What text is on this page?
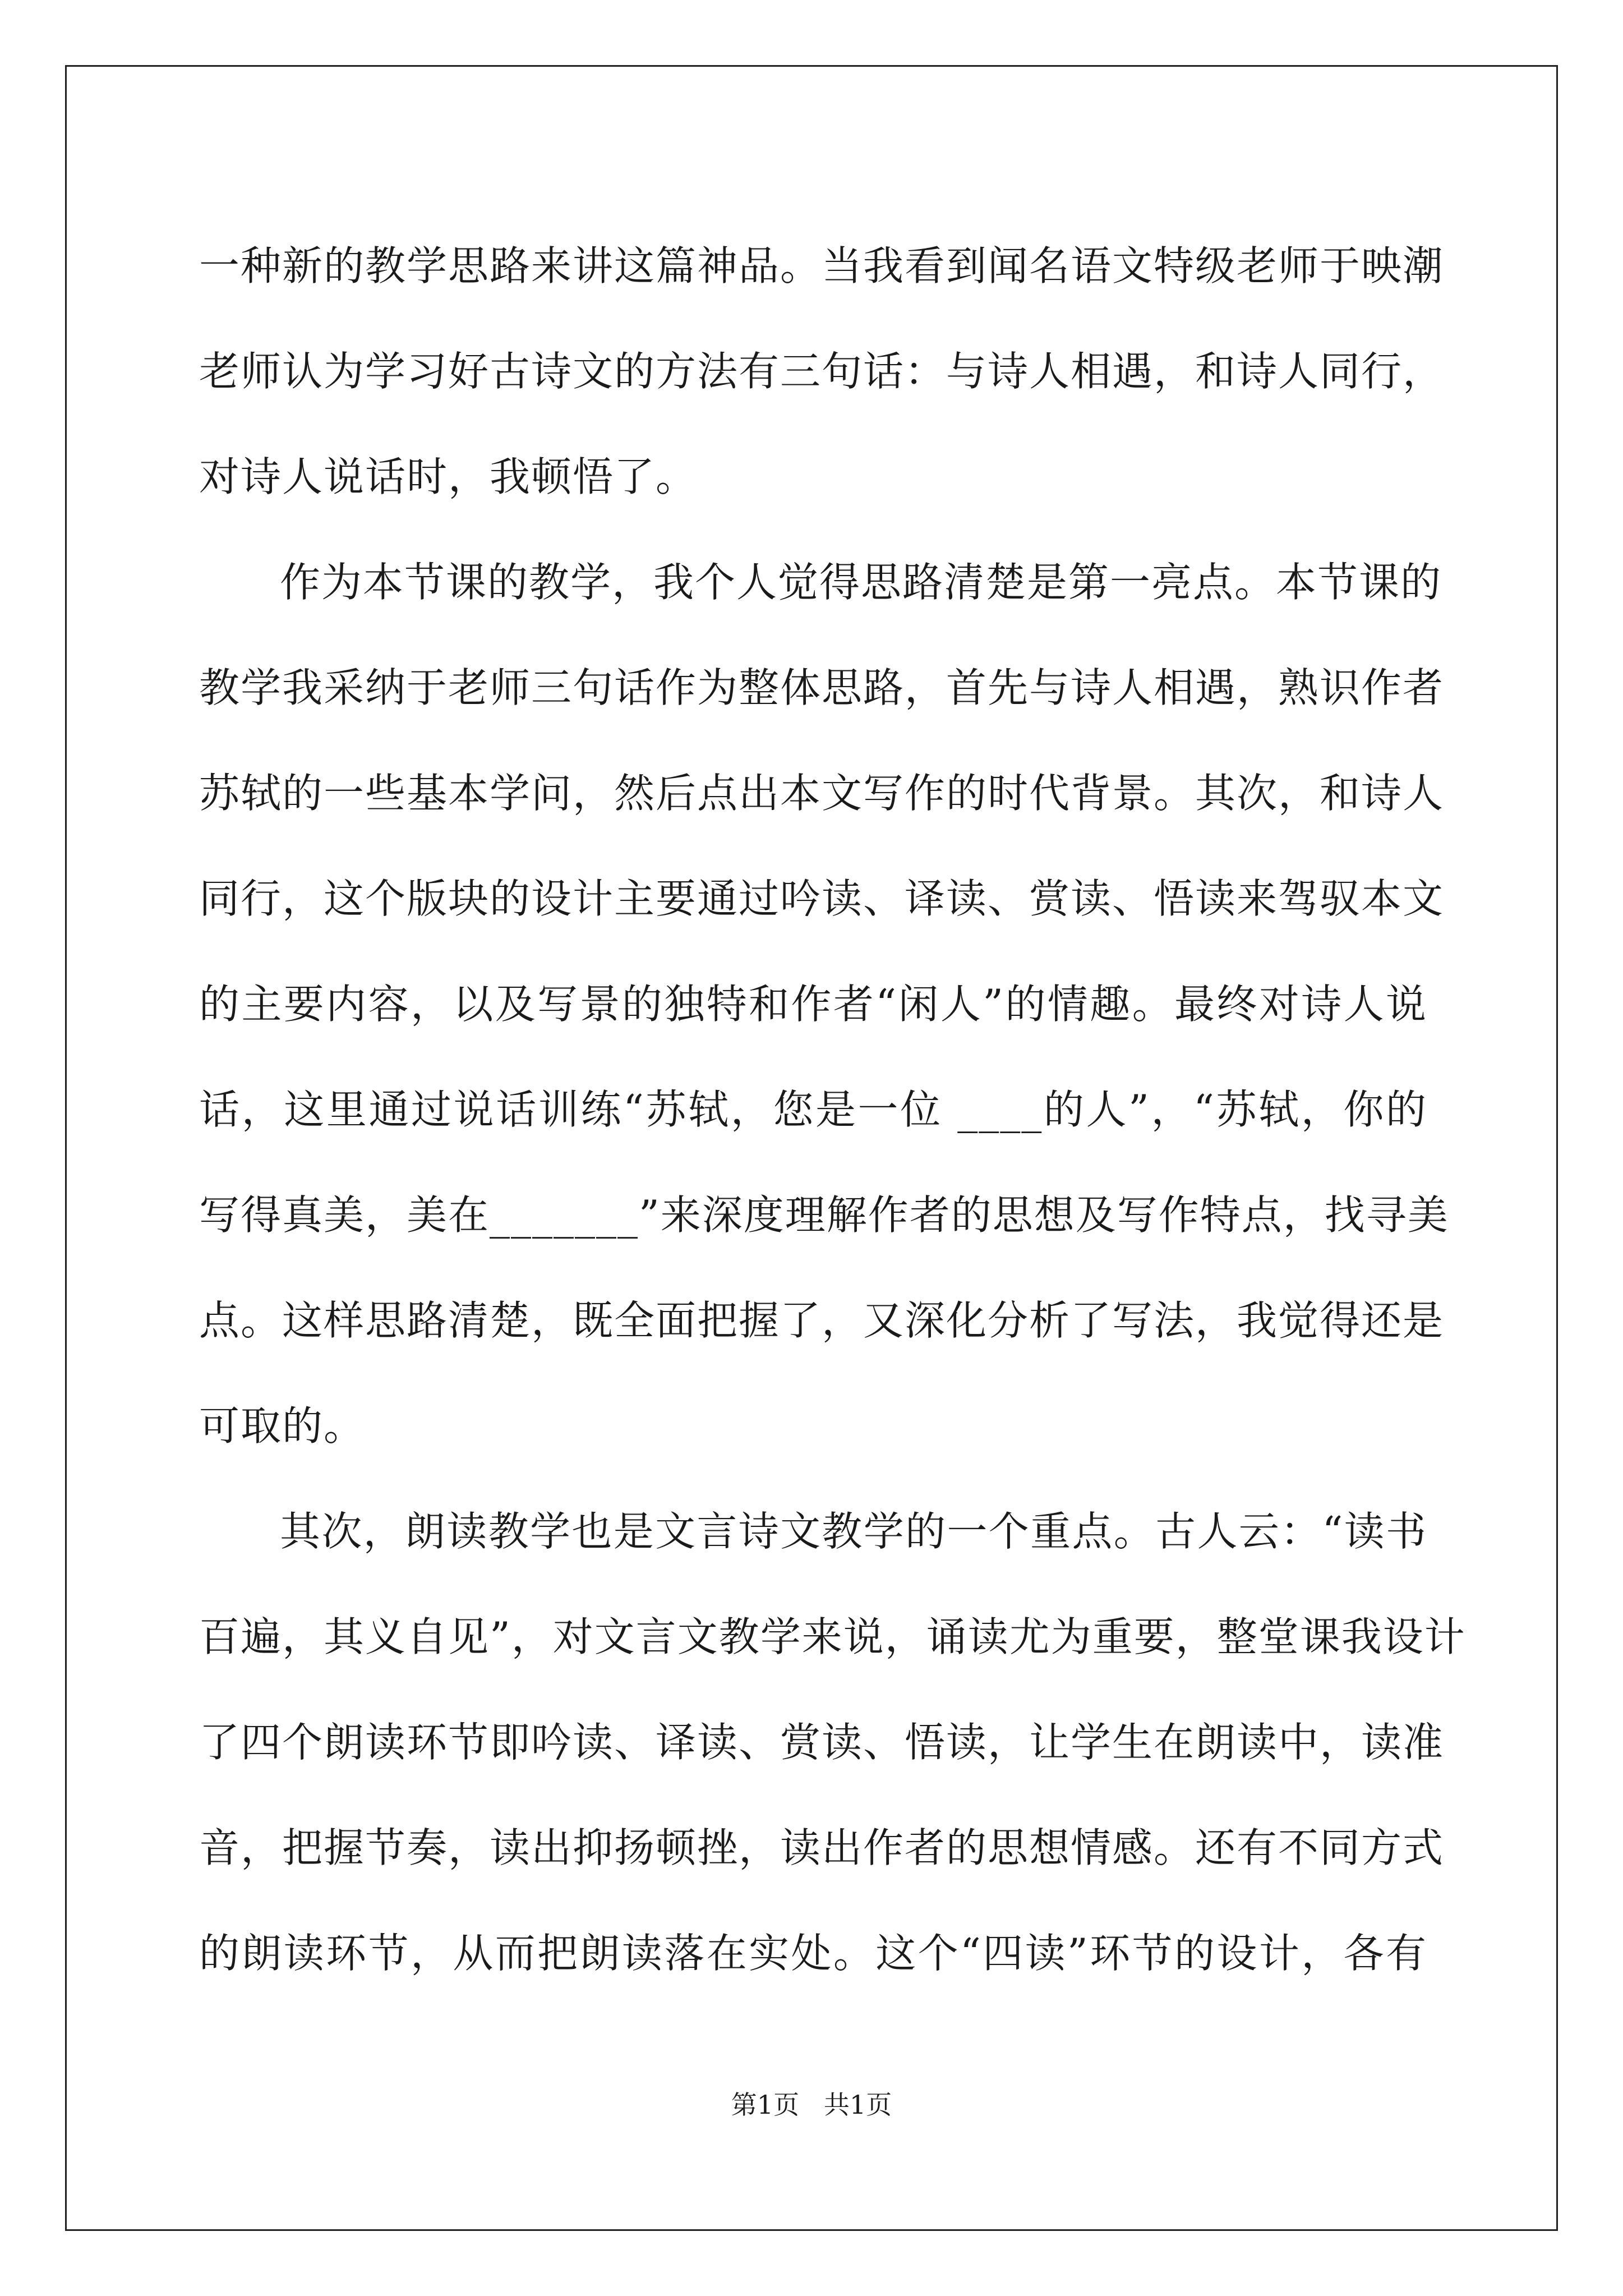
一种新的教学思路来讲这篇神品。当我看到闻名语文特级老师于映潮
老师认为学习好古诗文的方法有三句话：与诗人相遇，和诗人同行，
对诗人说话时，我顿悟了。
作为本节课的教学，我个人觉得思路清楚是第一亮点。本节课的
教学我采纳于老师三句话作为整体思路，首先与诗人相遇，熟识作者
苏轼的一些基本学问，然后点出本文写作的时代背景。其次，和诗人
同行，这个版块的设计主要通过吟读、译读、赏读、悟读来驾驭本文
的主要内容，以及写景的独特和作者“闲人”的情趣。最终对诗人说
话，这里通过说话训练“苏轼，您是一位 ____的人”，“苏轼，你的
写得真美，美在_______”来深度理解作者的思想及写作特点，找寻美
点。这样思路清楚，既全面把握了，又深化分析了写法，我觉得还是
可取的。
其次，朗读教学也是文言诗文教学的一个重点。古人云：“读书
百遍，其义自见”，对文言文教学来说，诵读尤为重要，整堂课我设计
了四个朗读环节即吟读、译读、赏读、悟读，让学生在朗读中，读准
音，把握节奏，读出抑扬顿挫，读出作者的思想情感。还有不同方式
的朗读环节，从而把朗读落在实处。这个“四读”环节的设计，各有
第1页   共1页
